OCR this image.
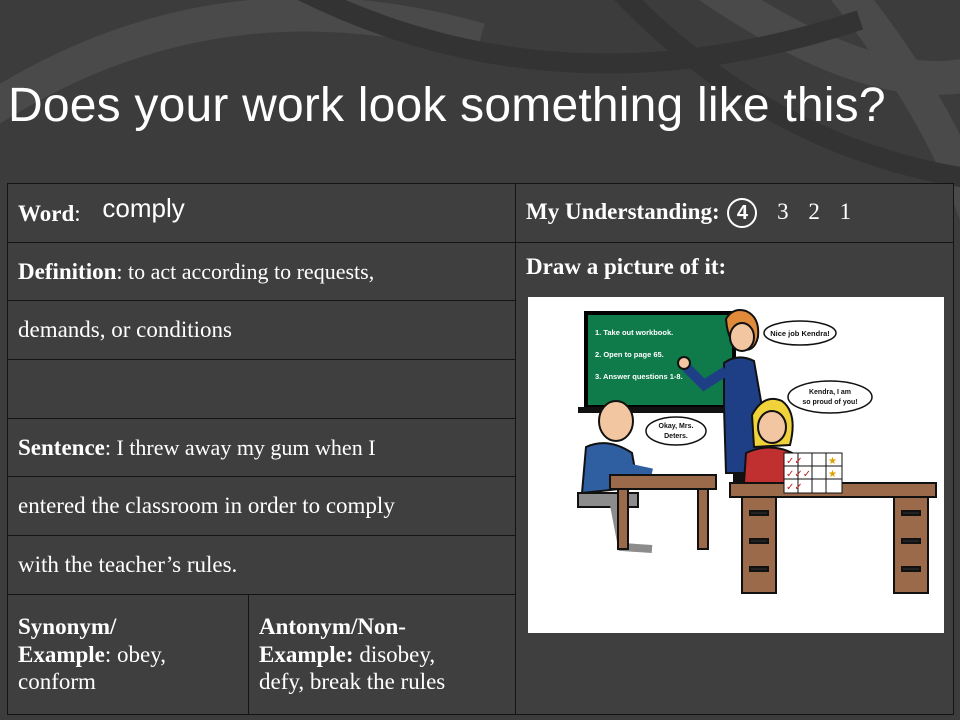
Does your work look something like this?
Word: comply		My Understanding: 4 3 2 1
Definition: to act according to requests,		Draw a picture of it:
demands, or conditions		

Sentence: I threw away my gum when I		
entered the classroom in order to comply		
with the teacher’s rules.		
Synonym/
Example: obey,
conform	Antonym/Non-
Example: disobey,
defy, break the rules	
1. Take out workbook.
2. Open to page 65.
3. Answer questions 1-8.
Nice job Kendra!
Kendra, I am
so proud of you!
Okay, Mrs.
Deters.
✓✓
✓✓✓
✓✓
★
★
